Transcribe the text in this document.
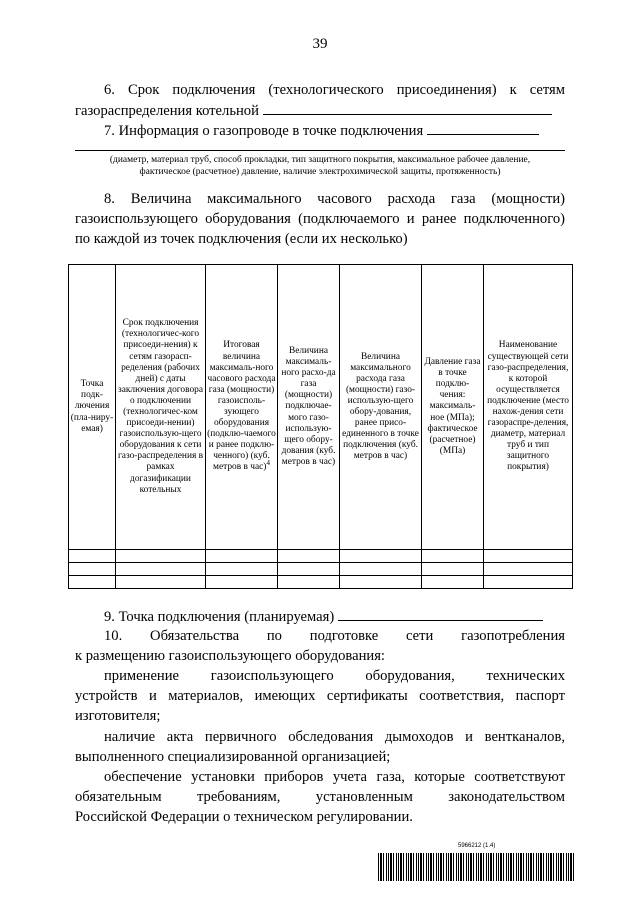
39
6. Срок подключения (технологического присоединения) к сетям
газораспределения котельной
7. Информация о газопроводе в точке подключения
(диаметр, материал труб, способ прокладки, тип защитного покрытия, максимальное рабочее давление,
фактическое (расчетное) давление, наличие электрохимической защиты, протяженность)
8. Величина максимального часового расхода газа (мощности)
газоиспользующего оборудования (подключаемого и ранее подключенного)
по каждой из точек подключения (если их несколько)
Точка подк-лючения (пла-ниру-емая)	Срок подключения (технологичес-кого присоеди-нения) к сетям газорасп-ределения (рабочих дней) с даты заключения договора о подключении (технологичес-ком присоеди-нении) газоиспользую-щего оборудования к сети газо-распределения в рамках догазификации котельных	Итоговая величина максималь-ного часового расхода газа (мощности) газоисполь-зующего оборудования (подклю-чаемого и ранее подклю-ченного) (куб. метров в час)$^4$	Величина максималь-ного расхо-да газа (мощности) подключае-мого газо-использую-щего обору-дования (куб. метров в час)	Величина максимального расхода газа (мощности) газо-использую-щего обору-дования, ранее присо-единенного в точке подключения (куб. метров в час)	Давление газа в точке подклю-чения: максималь-ное (МПа); фактическое (расчетное) (МПа)	Наименование существующей сети газо-распределения, к которой осуществляется подключение (место нахож-дения сети газораспре-деления, диаметр, материал труб и тип защитного покрытия)

9. Точка подключения (планируемая)
10. Обязательства по подготовке сети газопотребления
к размещению газоиспользующего оборудования:
применение газоиспользующего оборудования, технических
устройств и материалов, имеющих сертификаты соответствия, паспорт
изготовителя;
наличие акта первичного обследования дымоходов и вентканалов,
выполненного специализированной организацией;
обеспечение установки приборов учета газа, которые соответствуют
обязательным требованиям, установленным законодательством
Российской Федерации о техническом регулировании.
5966212 (1.4)
